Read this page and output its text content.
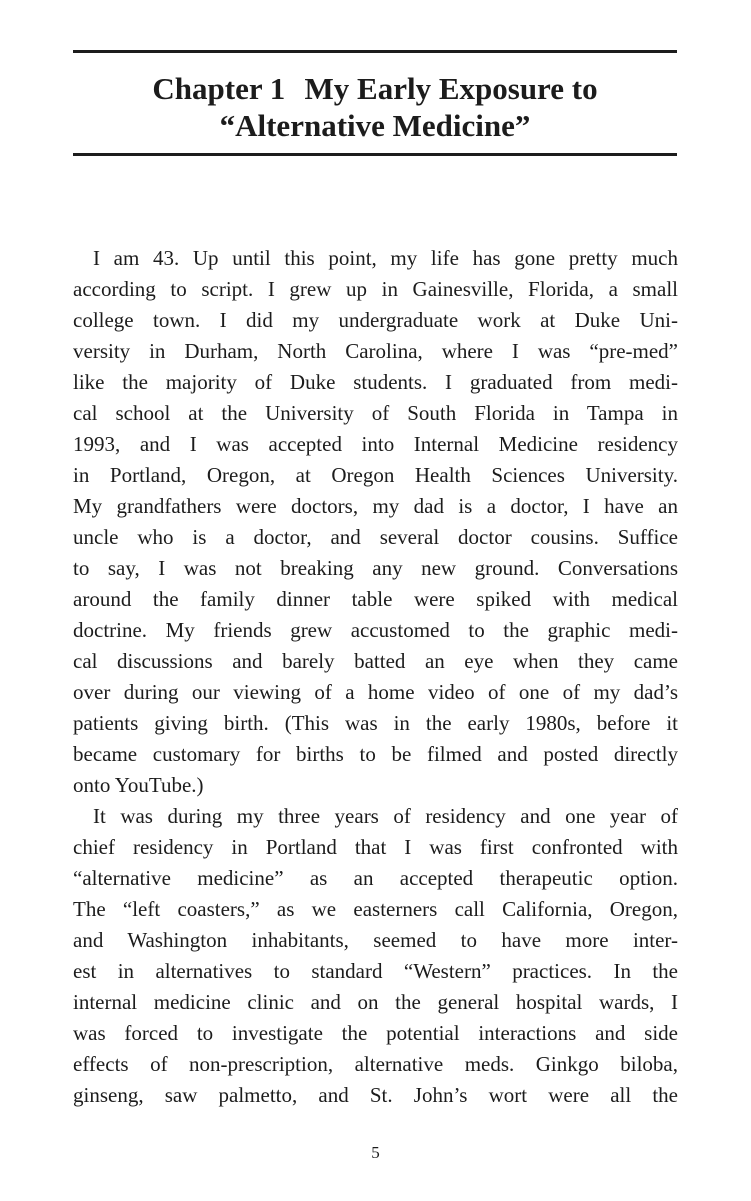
Chapter 1 My Early Exposure to
“Alternative Medicine”
I am 43. Up until this point, my life has gone pretty much
according to script. I grew up in Gainesville, Florida, a small
college town. I did my undergraduate work at Duke Uni-
versity in Durham, North Carolina, where I was “pre-med”
like the majority of Duke students. I graduated from medi-
cal school at the University of South Florida in Tampa in
1993, and I was accepted into Internal Medicine residency
in Portland, Oregon, at Oregon Health Sciences University.
My grandfathers were doctors, my dad is a doctor, I have an
uncle who is a doctor, and several doctor cousins. Suffice
to say, I was not breaking any new ground. Conversations
around the family dinner table were spiked with medical
doctrine. My friends grew accustomed to the graphic medi-
cal discussions and barely batted an eye when they came
over during our viewing of a home video of one of my dad’s
patients giving birth. (This was in the early 1980s, before it
became customary for births to be filmed and posted directly
onto YouTube.)
It was during my three years of residency and one year of
chief residency in Portland that I was first confronted with
“alternative medicine” as an accepted therapeutic option.
The “left coasters,” as we easterners call California, Oregon,
and Washington inhabitants, seemed to have more inter-
est in alternatives to standard “Western” practices. In the
internal medicine clinic and on the general hospital wards, I
was forced to investigate the potential interactions and side
effects of non-prescription, alternative meds. Ginkgo biloba,
ginseng, saw palmetto, and St. John’s wort were all the
5
